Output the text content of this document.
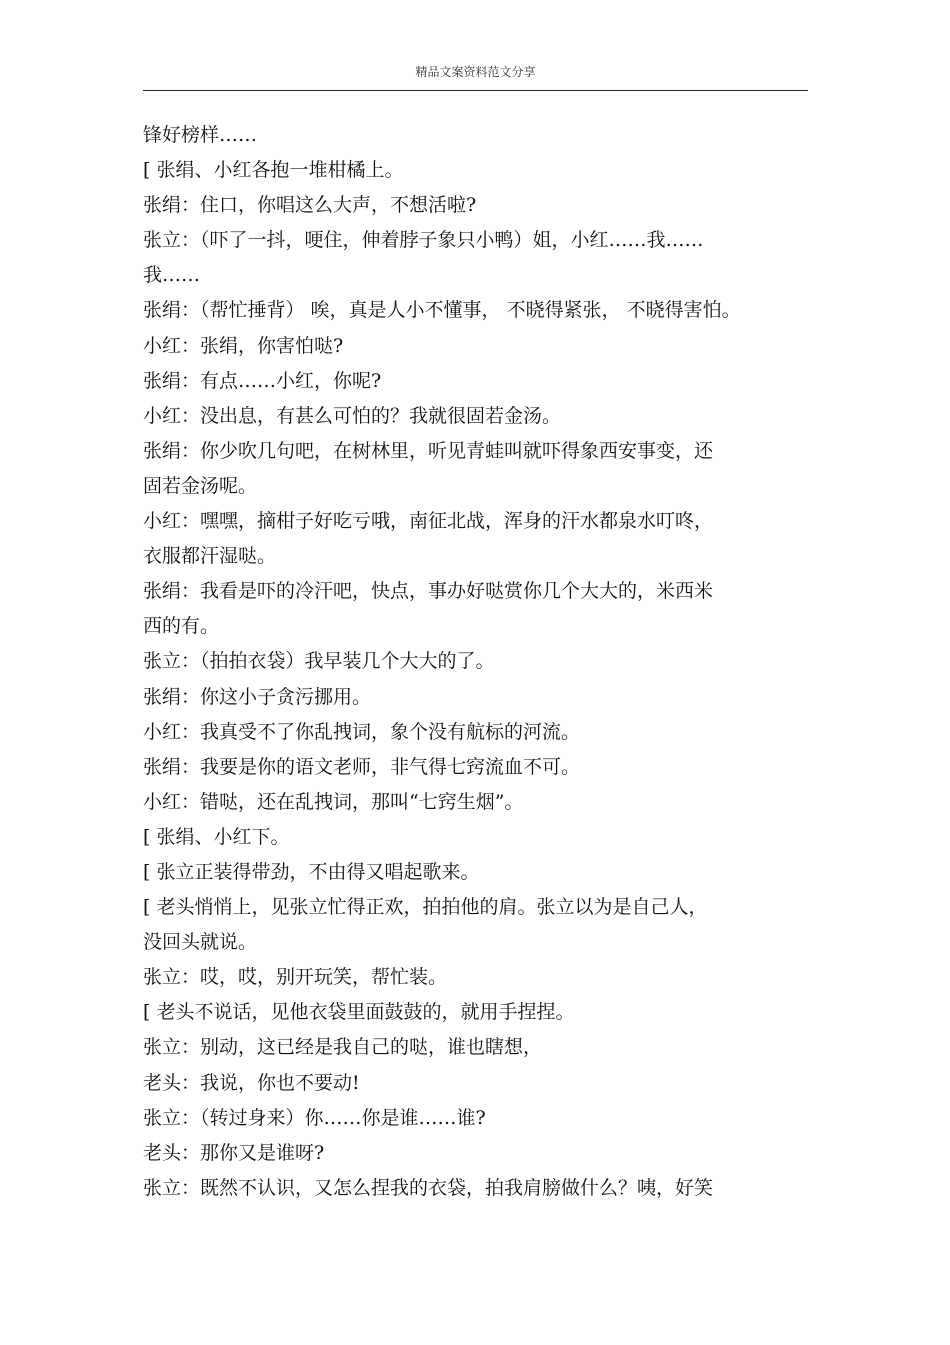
精品文案资料范文分享
锋好榜样……
[ 张绢、小红各抱一堆柑橘上。
张绢：住口，你唱这么大声，不想活啦?
张立：（吓了一抖，哽住，伸着脖子象只小鸭）姐，小红……我……
我……
张绢：（帮忙捶背） 唉，真是人小不懂事， 不晓得紧张， 不晓得害怕。
小红：张绢，你害怕哒?
张绢：有点……小红，你呢?
小红：没出息，有甚么可怕的？我就很固若金汤。
张绢：你少吹几句吧，在树林里，听见青蛙叫就吓得象西安事变，还
固若金汤呢。
小红：嘿嘿，摘柑子好吃亏哦，南征北战，浑身的汗水都泉水叮咚，
衣服都汗湿哒。
张绢：我看是吓的冷汗吧，快点，事办好哒赏你几个大大的，米西米
西的有。
张立：（拍拍衣袋）我早装几个大大的了。
张绢：你这小子贪污挪用。
小红：我真受不了你乱拽词，象个没有航标的河流。
张绢：我要是你的语文老师，非气得七窍流血不可。
小红：错哒，还在乱拽词，那叫“七窍生烟”。
[ 张绢、小红下。
[ 张立正装得带劲，不由得又唱起歌来。
[ 老头悄悄上，见张立忙得正欢，拍拍他的肩。张立以为是自己人，
没回头就说。
张立：哎，哎，别开玩笑，帮忙装。
[ 老头不说话，见他衣袋里面鼓鼓的，就用手捏捏。
张立：别动，这已经是我自己的哒，谁也瞎想，
老头：我说，你也不要动!
张立：（转过身来）你……你是谁……谁?
老头：那你又是谁呀?
张立：既然不认识，又怎么捏我的衣袋，拍我肩膀做什么？咦，好笑
